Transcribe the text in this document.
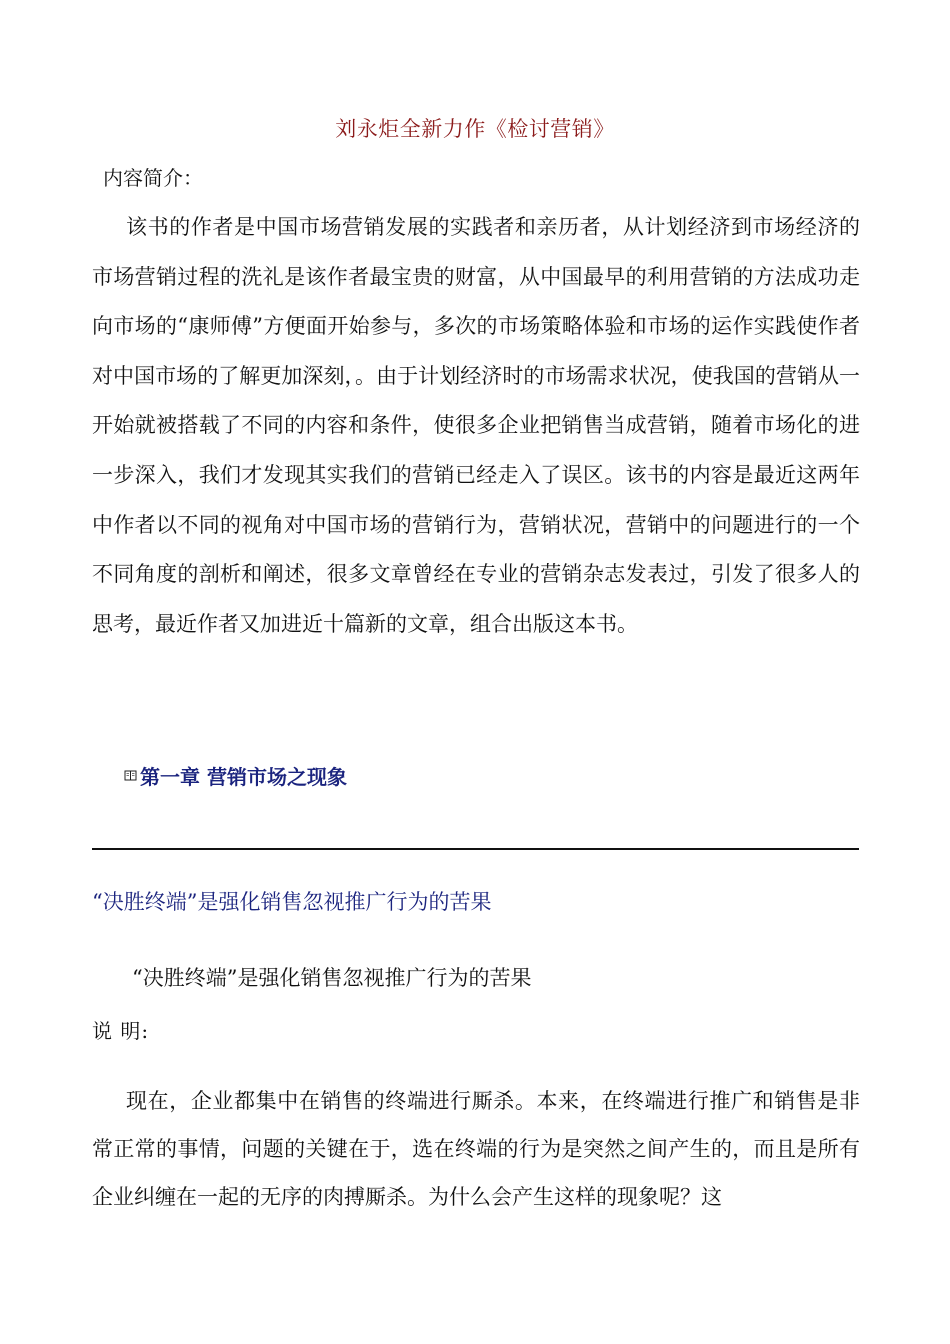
刘永炬全新力作《检讨营销》
内容简介：
该书的作者是中国市场营销发展的实践者和亲历者，从计划经济到市场经济的市场营销过程的洗礼是该作者最宝贵的财富，从中国最早的利用营销的方法成功走向市场的“康师傅”方便面开始参与，多次的市场策略体验和市场的运作实践使作者对中国市场的了解更加深刻，。由于计划经济时的市场需求状况，使我国的营销从一开始就被搭载了不同的内容和条件，使很多企业把销售当成营销，随着市场化的进一步深入，我们才发现其实我们的营销已经走入了误区。该书的内容是最近这两年中作者以不同的视角对中国市场的营销行为，营销状况，营销中的问题进行的一个不同角度的剖析和阐述，很多文章曾经在专业的营销杂志发表过，引发了很多人的思考，最近作者又加进近十篇新的文章，组合出版这本书。
第一章 营销市场之现象
“决胜终端”是强化销售忽视推广行为的苦果
“决胜终端”是强化销售忽视推广行为的苦果
说 明:
现在，企业都集中在销售的终端进行厮杀。本来，在终端进行推广和销售是非常正常的事情，问题的关键在于，选在终端的行为是突然之间产生的，而且是所有企业纠缠在一起的无序的肉搏厮杀。为什么会产生这样的现象呢？这
